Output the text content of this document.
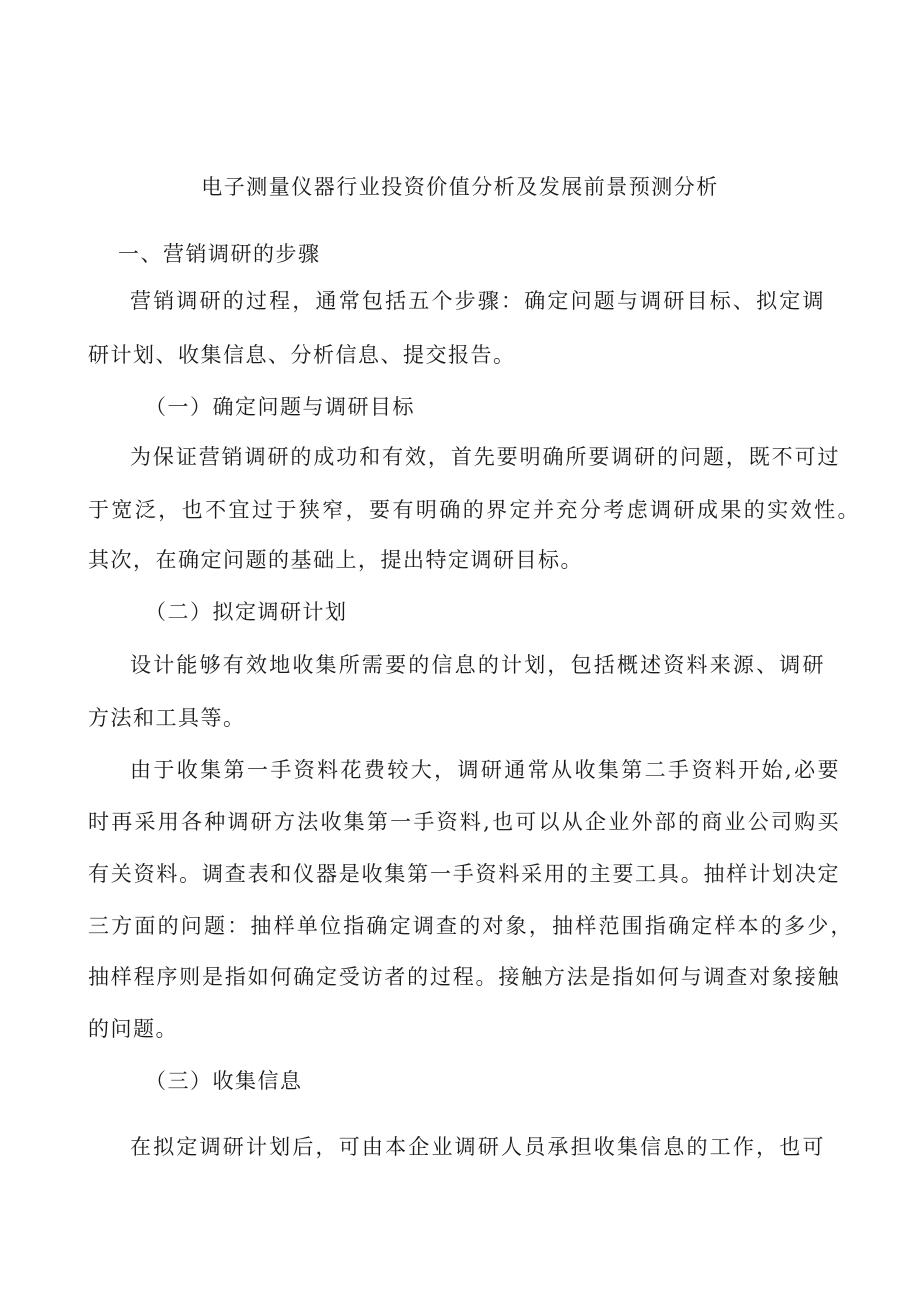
电子测量仪器行业投资价值分析及发展前景预测分析
一、营销调研的步骤
营销调研的过程，通常包括五个步骤：确定问题与调研目标、拟定调
研计划、收集信息、分析信息、提交报告。
（一）确定问题与调研目标
为保证营销调研的成功和有效，首先要明确所要调研的问题，既不可过
于宽泛，也不宜过于狭窄，要有明确的界定并充分考虑调研成果的实效性。
其次，在确定问题的基础上，提出特定调研目标。
（二）拟定调研计划
设计能够有效地收集所需要的信息的计划，包括概述资料来源、调研
方法和工具等。
由于收集第一手资料花费较大，调研通常从收集第二手资料开始,必要
时再采用各种调研方法收集第一手资料,也可以从企业外部的商业公司购买
有关资料。调查表和仪器是收集第一手资料采用的主要工具。抽样计划决定
三方面的问题：抽样单位指确定调查的对象，抽样范围指确定样本的多少，
抽样程序则是指如何确定受访者的过程。接触方法是指如何与调查对象接触
的问题。
（三）收集信息
在拟定调研计划后，可由本企业调研人员承担收集信息的工作，也可
